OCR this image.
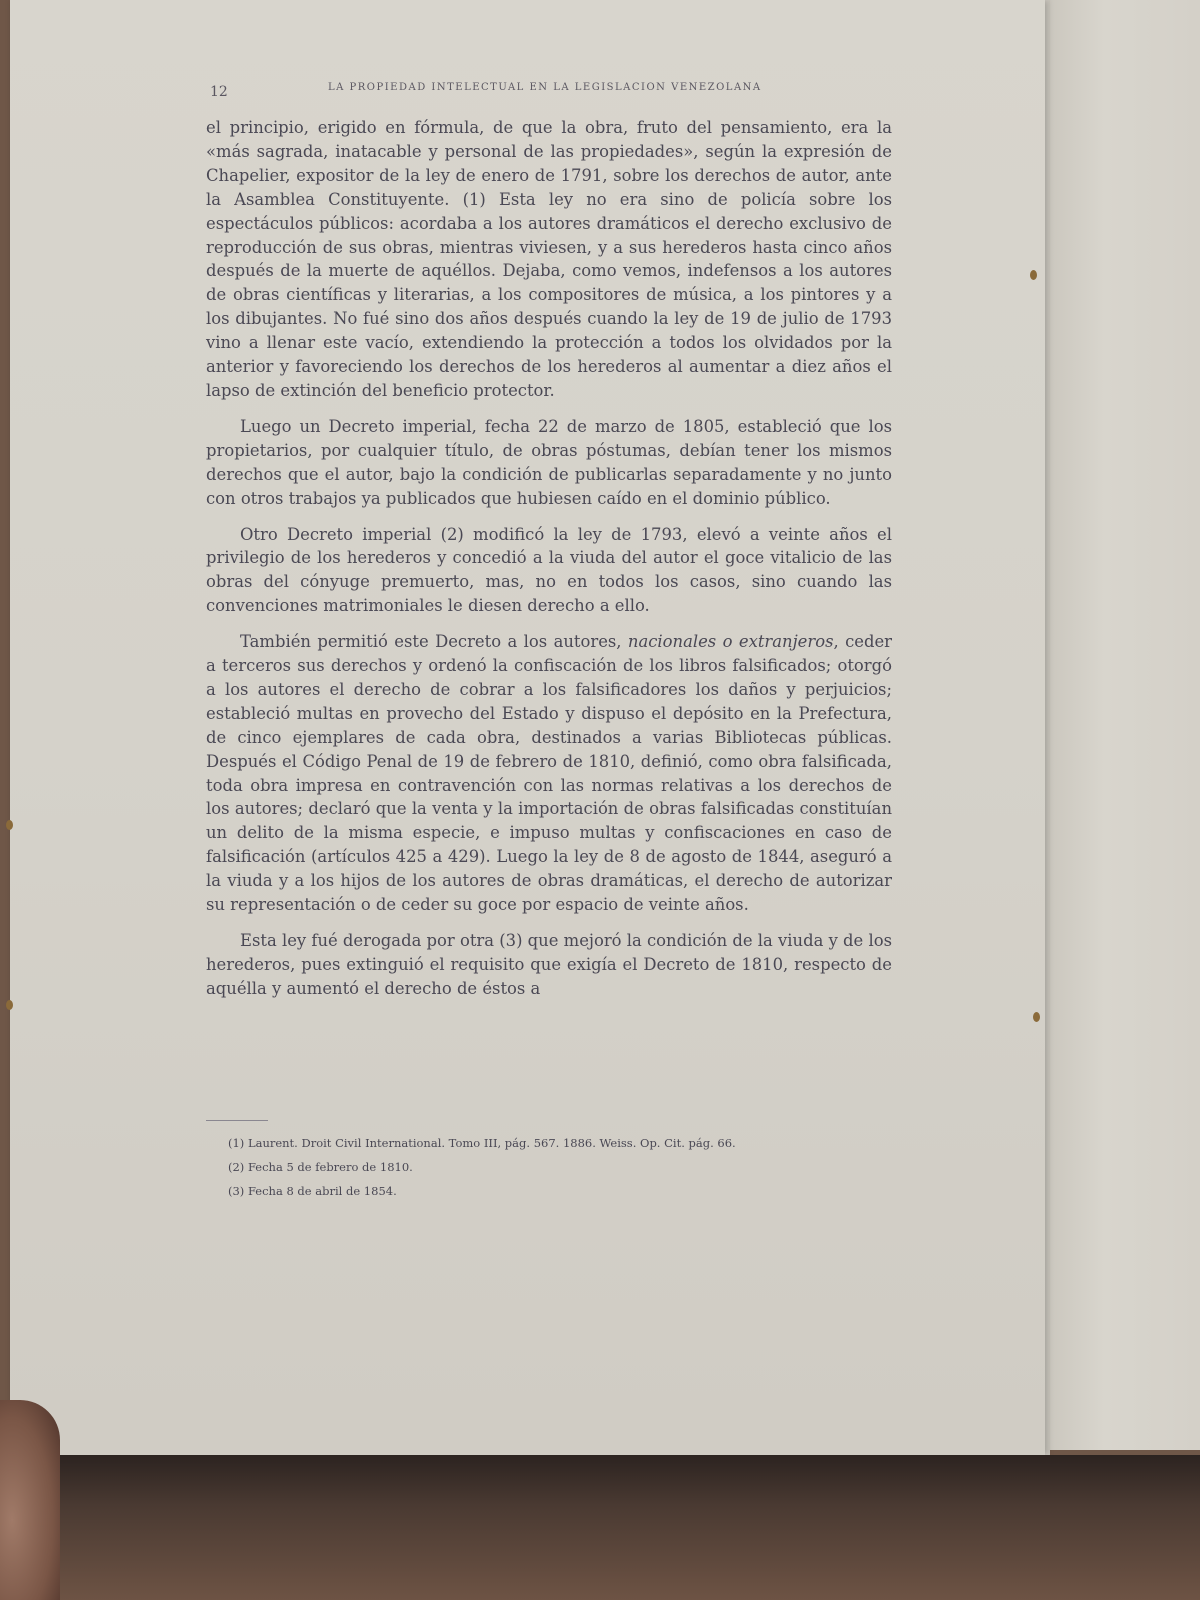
12	LA PROPIEDAD INTELECTUAL EN LA LEGISLACION VENEZOLANA

el principio, erigido en fórmula, de que la obra, fruto del pensamiento, era la «más sagrada, inatacable y personal de las propiedades», según la expresión de Chapelier, expositor de la ley de enero de 1791, sobre los derechos de autor, ante la Asamblea Constituyente. (1) Esta ley no era sino de policía sobre los espectáculos públicos: acordaba a los autores dramáticos el derecho exclusivo de reproducción de sus obras, mientras viviesen, y a sus herederos hasta cinco años después de la muerte de aquéllos. Dejaba, como vemos, indefensos a los autores de obras científicas y literarias, a los compositores de música, a los pintores y a los dibujantes. No fué sino dos años después cuando la ley de 19 de julio de 1793 vino a llenar este vacío, extendiendo la protección a todos los olvidados por la anterior y favoreciendo los derechos de los herederos al aumentar a diez años el lapso de extinción del beneficio protector.

Luego un Decreto imperial, fecha 22 de marzo de 1805, estableció que los propietarios, por cualquier título, de obras póstumas, debían tener los mismos derechos que el autor, bajo la condición de publicarlas separadamente y no junto con otros trabajos ya publicados que hubiesen caído en el dominio público.

Otro Decreto imperial (2) modificó la ley de 1793, elevó a veinte años el privilegio de los herederos y concedió a la viuda del autor el goce vitalicio de las obras del cónyuge premuerto, mas, no en todos los casos, sino cuando las convenciones matrimoniales le diesen derecho a ello.

También permitió este Decreto a los autores, nacionales o extranjeros, ceder a terceros sus derechos y ordenó la confiscación de los libros falsificados; otorgó a los autores el derecho de cobrar a los falsificadores los daños y perjuicios; estableció multas en provecho del Estado y dispuso el depósito en la Prefectura, de cinco ejemplares de cada obra, destinados a varias Bibliotecas públicas. Después el Código Penal de 19 de febrero de 1810, definió, como obra falsificada, toda obra impresa en contravención con las normas relativas a los derechos de los autores; declaró que la venta y la importación de obras falsificadas constituían un delito de la misma especie, e impuso multas y confiscaciones en caso de falsificación (artículos 425 a 429). Luego la ley de 8 de agosto de 1844, aseguró a la viuda y a los hijos de los autores de obras dramáticas, el derecho de autorizar su representación o de ceder su goce por espacio de veinte años.

Esta ley fué derogada por otra (3) que mejoró la condición de la viuda y de los herederos, pues extinguió el requisito que exigía el Decreto de 1810, respecto de aquélla y aumentó el derecho de éstos a

(1) Laurent. Droit Civil International. Tomo III, pág. 567. 1886. Weiss. Op. Cit. pág. 66.

(2) Fecha 5 de febrero de 1810.

(3) Fecha 8 de abril de 1854.
